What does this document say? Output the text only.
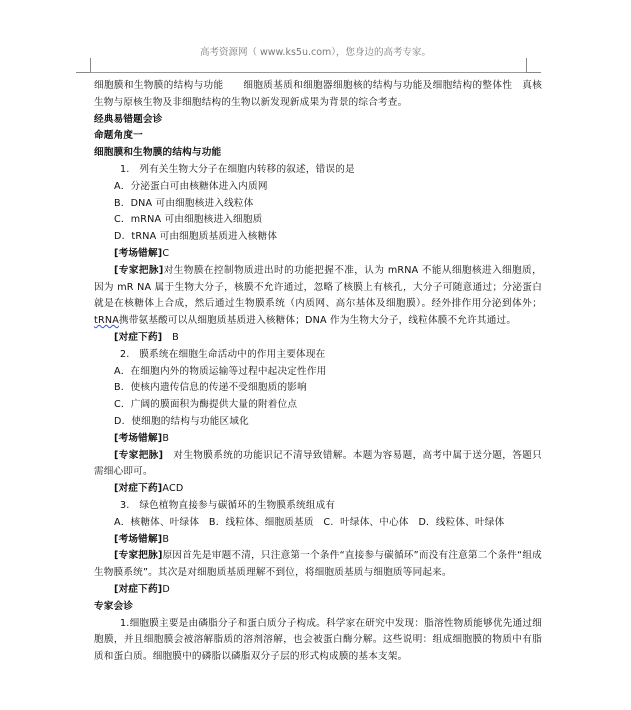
高考资源网（ www.ks5u.com），您身边的高考专家。

细胞膜和生物膜的结构与功能　　细胞质基质和细胞器细胞核的结构与功能及细胞结构的整体性　真核生物与原核生物及非细胞结构的生物以新发现新成果为背景的综合考查。

经典易错题会诊

命题角度一

细胞膜和生物膜的结构与功能

1.　列有关生物大分子在细胞内转移的叙述，错误的是

A．分泌蛋白可由核糖体进入内质网

B．DNA 可由细胞核进入线粒体

C．mRNA 可由细胞核进入细胞质

D．tRNA 可由细胞质基质进入核糖体

[考场错解]C

[专家把脉]对生物膜在控制物质进出时的功能把握不准，认为 mRNA 不能从细胞核进入细胞质，因为 mR NA 属于生物大分子，核膜不允许通过，忽略了核膜上有核孔，大分子可随意通过；分泌蛋白就是在核糖体上合成，然后通过生物膜系统（内质网、高尔基体及细胞膜）。经外排作用分泌到体外；tRNA携带氨基酸可以从细胞质基质进入核糖体；DNA 作为生物大分子，线粒体膜不允许其通过。

[对症下药]　 B

2.　膜系统在细胞生命活动中的作用主要体现在

A．在细胞内外的物质运输等过程中起决定性作用

B．使核内遗传信息的传递不受细胞质的影响

C．广阔的膜面积为酶提供大量的附着位点

D．使细胞的结构与功能区域化

[考场错解]B

[专家把脉]　对生物膜系统的功能识记不清导致错解。本题为容易题，高考中属于送分题，答题只需细心即可。

[对症下药]ACD

3.　绿色植物直接参与碳循环的生物膜系统组成有

A．核糖体、叶绿体　B．线粒体、细胞质基质　C．叶绿体、中心体　D．线粒体、叶绿体

[考场错解]B

[专家把脉]原因首先是审题不清，只注意第一个条件“直接参与碳循环”而没有注意第二个条件“组成生物膜系统”。其次是对细胞质基质理解不到位，将细胞质基质与细胞质等同起来。

[对症下药]D

专家会诊

1.细胞膜主要是由磷脂分子和蛋白质分子构成。科学家在研究中发现：脂溶性物质能够优先通过细胞膜，并且细胞膜会被溶解脂质的溶剂溶解，也会被蛋白酶分解。这些说明：组成细胞膜的物质中有脂质和蛋白质。细胞膜中的磷脂以磷脂双分子层的形式构成膜的基本支架。
